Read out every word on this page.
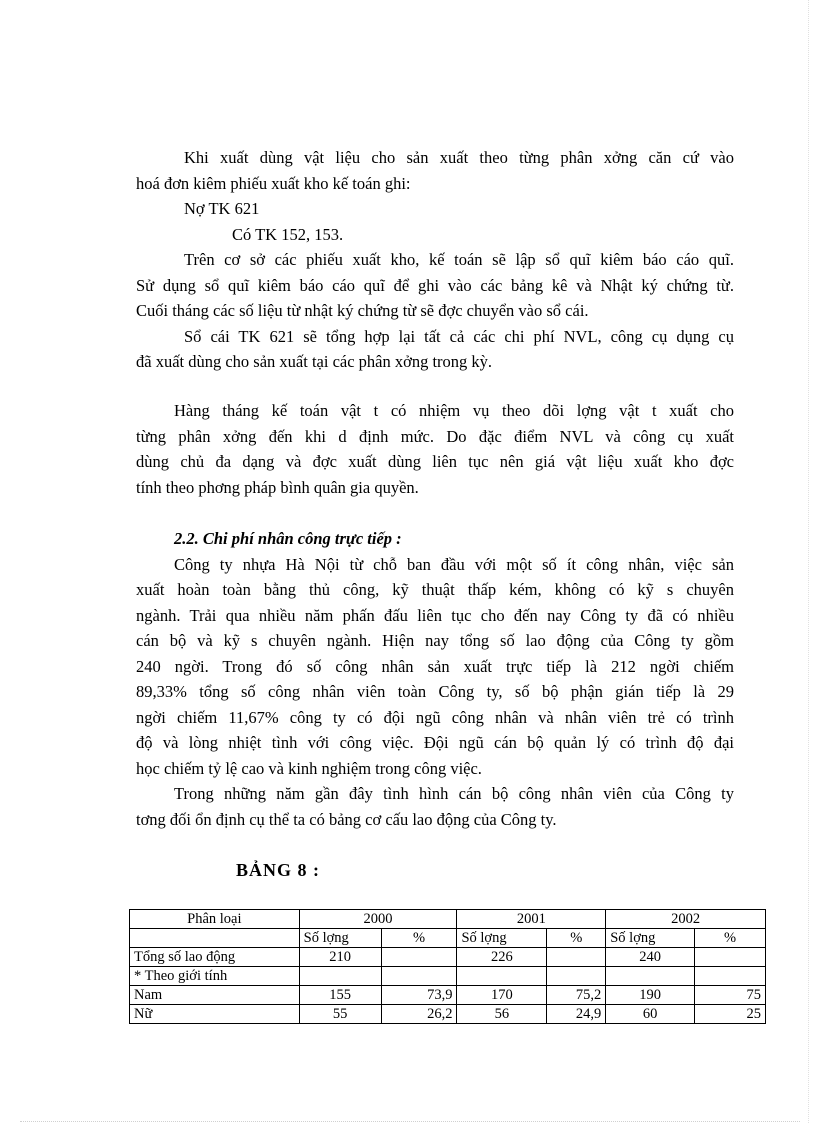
Khi xuất dùng vật liệu cho sản xuất theo từng phân xởng căn cứ vào
hoá đơn kiêm phiếu xuất kho kế toán ghi:
Nợ TK 621
Có TK 152, 153.
Trên cơ sở các phiếu xuất kho, kế toán sẽ lập sổ quĩ kiêm báo cáo quĩ.
Sử dụng sổ quĩ kiêm báo cáo quĩ để ghi vào các bảng kê và Nhật ký chứng từ.
Cuối tháng các số liệu từ nhật ký chứng từ sẽ đợc chuyển vào sổ cái.
Sổ cái TK 621 sẽ tổng hợp lại tất cả các chi phí NVL, công cụ dụng cụ
đã xuất dùng cho sản xuất tại các phân xởng trong kỳ.
Hàng tháng kế toán vật t có nhiệm vụ theo dõi lợng vật t xuất cho
từng phân xởng đến khi d định mức. Do đặc điểm NVL và công cụ xuất
dùng chủ đa dạng và đợc xuất dùng liên tục nên giá vật liệu xuất kho đợc
tính theo phơng pháp bình quân gia quyền.
2.2. Chi phí nhân công trực tiếp :
Công ty nhựa Hà Nội từ chỗ ban đầu với một số ít công nhân, việc sản
xuất hoàn toàn bằng thủ công, kỹ thuật thấp kém, không có kỹ s chuyên
ngành. Trải qua nhiều năm phấn đấu liên tục cho đến nay Công ty đã có nhiều
cán bộ và kỹ s chuyên ngành. Hiện nay tổng số lao động của Công ty gồm
240 ngời. Trong đó số công nhân sản xuất trực tiếp là 212 ngời chiếm
89,33% tổng số công nhân viên toàn Công ty, số bộ phận gián tiếp là 29
ngời chiếm 11,67% công ty có đội ngũ công nhân và nhân viên trẻ có trình
độ và lòng nhiệt tình với công việc. Đội ngũ cán bộ quản lý có trình độ đại
học chiếm tỷ lệ cao và kinh nghiệm trong công việc.
Trong những năm gần đây tình hình cán bộ công nhân viên của Công ty
tơng đối ổn định cụ thể ta có bảng cơ cấu lao động của Công ty.
BẢNG 8 :
Phân loại	2000		2001		2002	
	Số lợng	%	Số lợng	%	Số lợng	%
Tổng số lao động	210		226		240	
* Theo giới tính						
Nam	155	73,9	170	75,2	190	75
Nữ	55	26,2	56	24,9	60	25
